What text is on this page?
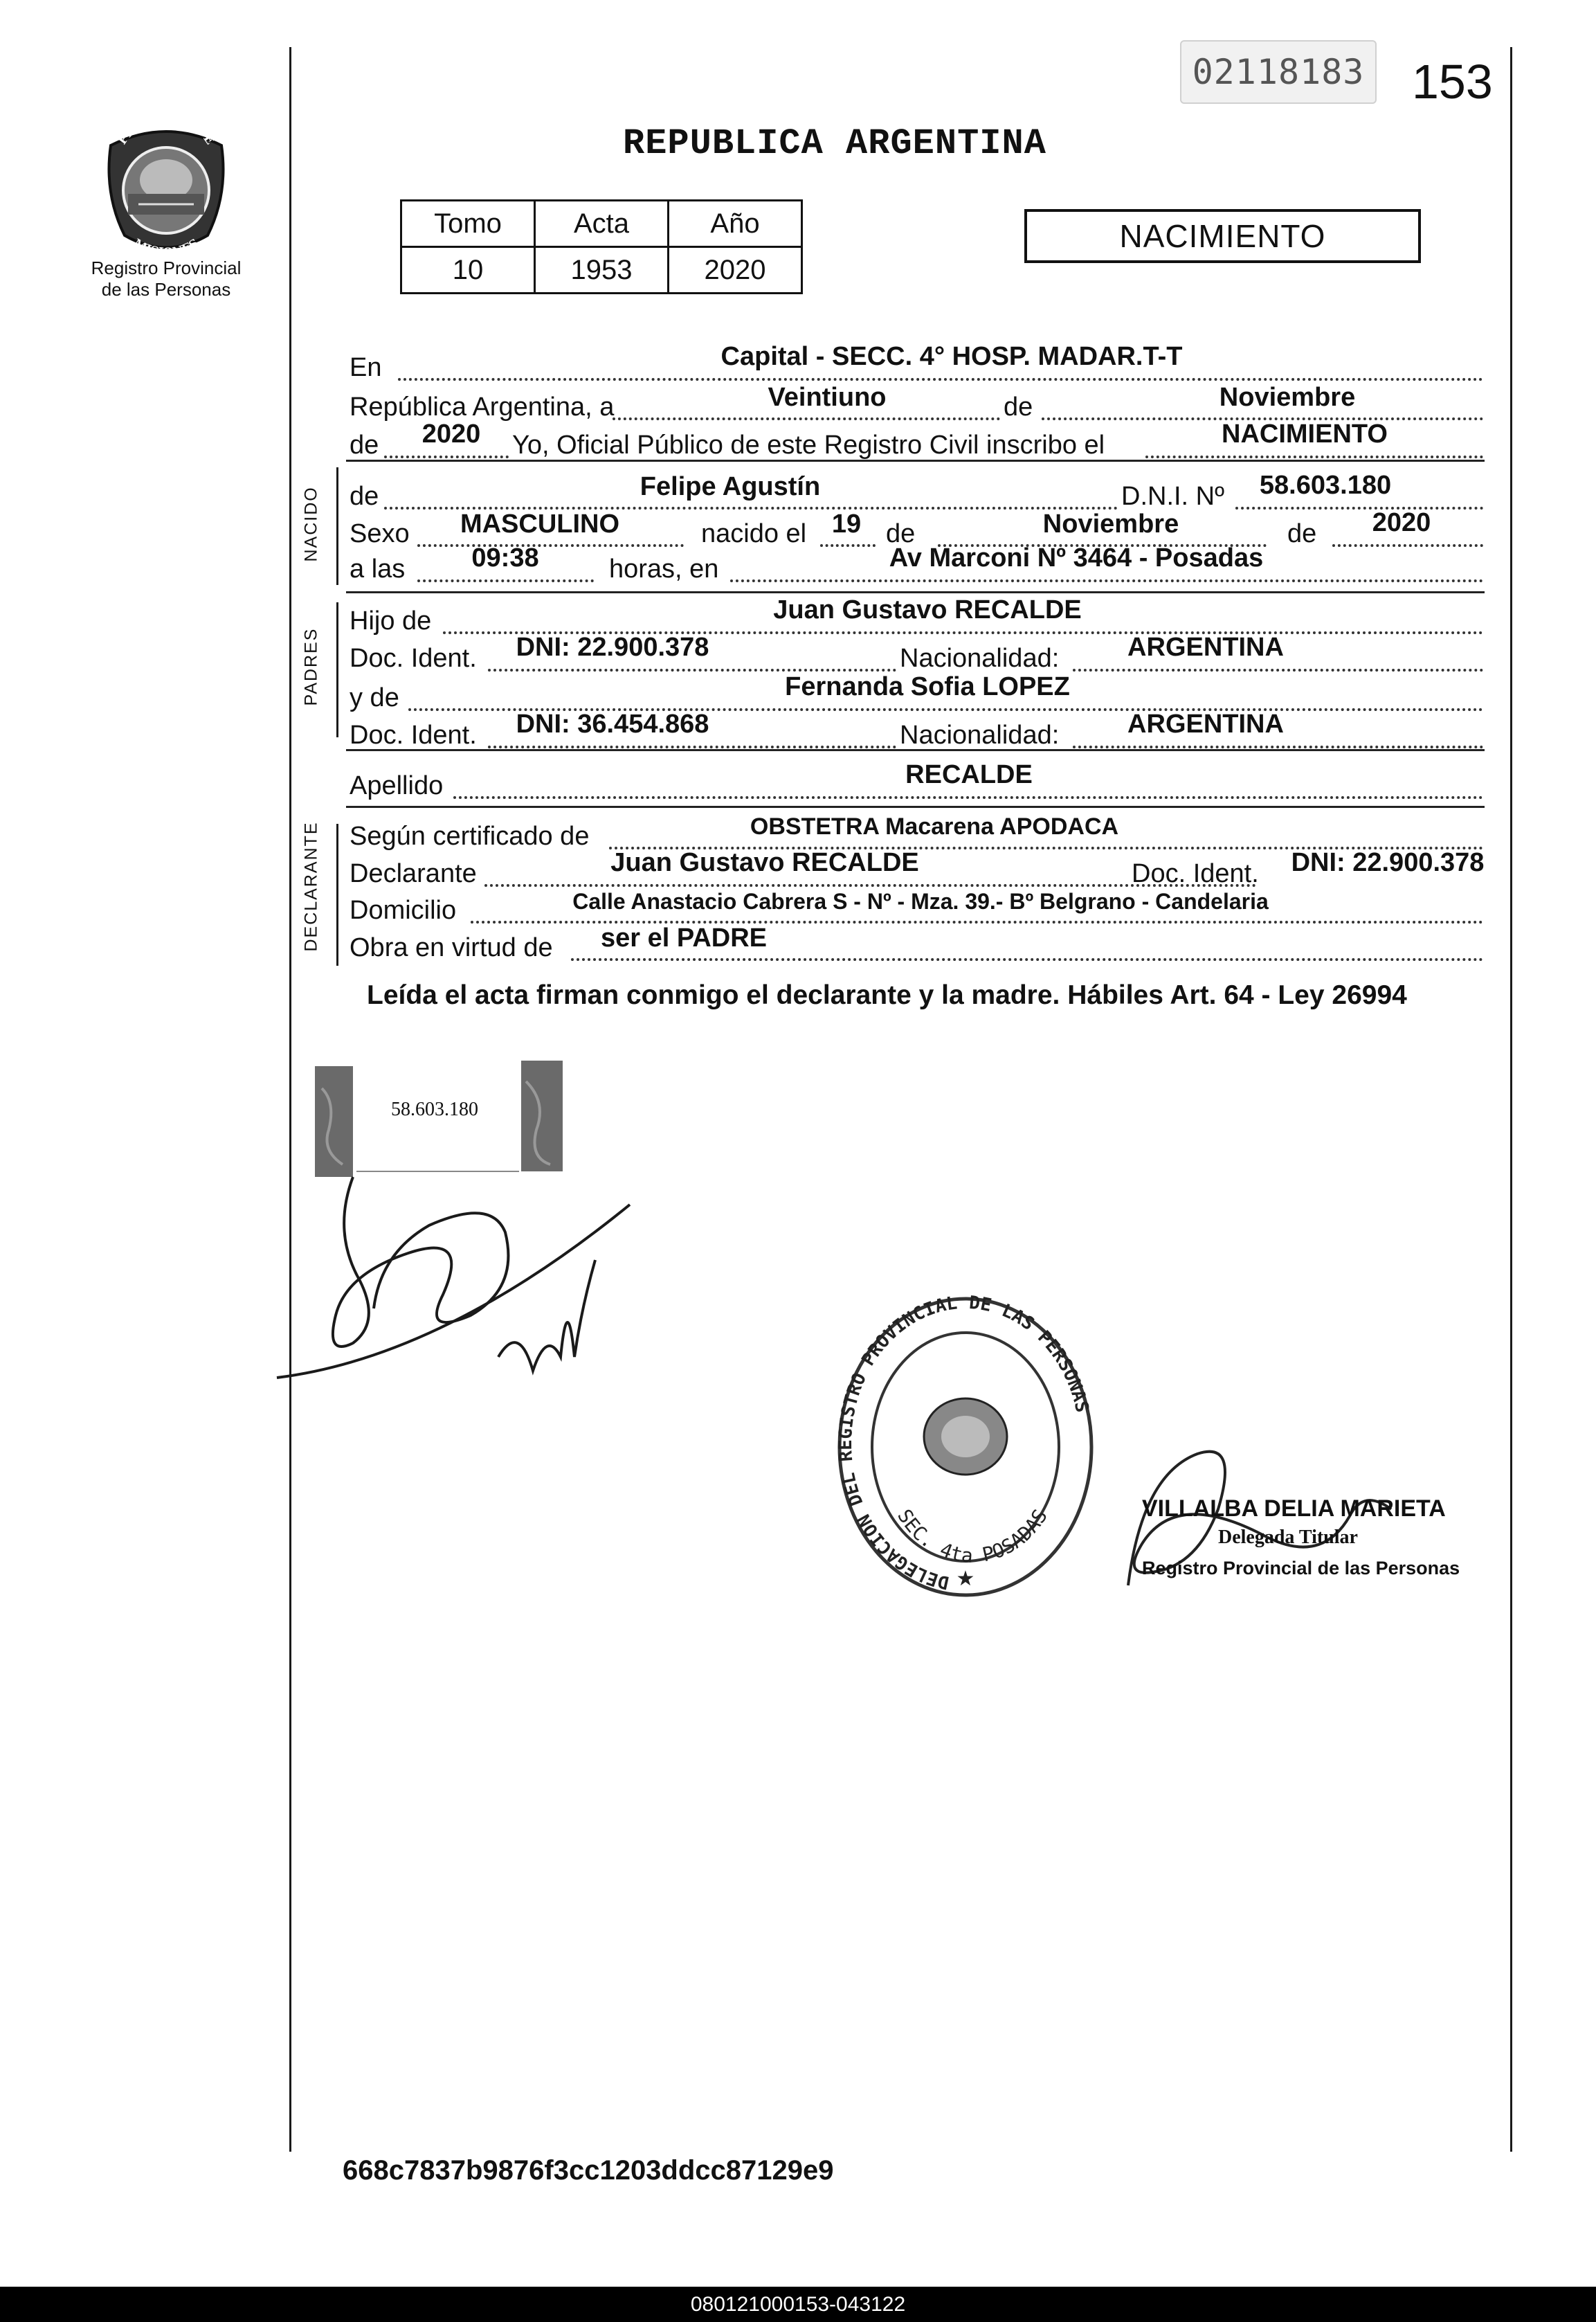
02118183 153
REPUBLICA ARGENTINA
PROVINCIA DE
MISIONES
Registro Provincial
de las Personas
Tomo	Acta	Año
10	1953	2020
NACIMIENTO
NACIDO
PADRES
DECLARANTE
En	Capital - SECC. 4° HOSP. MADAR.T-T
República Argentina, a	Veintiuno	de	Noviembre
de 2020 Yo, Oficial Público de este Registro Civil inscribo el	NACIMIENTO
de	Felipe Agustín	D.N.I. Nº 58.603.180
Sexo MASCULINO	nacido el 19 de	Noviembre	de 2020
a las	09:38	horas, en	Av Marconi Nº 3464 - Posadas
Hijo de	Juan Gustavo RECALDE
Doc. Ident. DNI: 22.900.378	Nacionalidad:	ARGENTINA
y de	Fernanda Sofia LOPEZ
Doc. Ident. DNI: 36.454.868	Nacionalidad:	ARGENTINA
Apellido	RECALDE
Según certificado de	OBSTETRA Macarena APODACA
Declarante	Juan Gustavo RECALDE	Doc. Ident. DNI: 22.900.378
Domicilio	Calle Anastacio Cabrera S - Nº - Mza. 39.- Bº Belgrano - Candelaria
Obra en virtud de ser el PADRE
Leída el acta firman conmigo el declarante y la madre. Hábiles Art. 64 - Ley 26994
58.603.180
DELEGACION DEL REGISTRO PROVINCIAL DE LAS PERSONAS
SEC. 4ta POSADAS
★
VILLALBA DELIA MARIETA
Delegada Titular
Registro Provincial de las Personas
668c7837b9876f3cc1203ddcc87129e9
080121000153-043122
